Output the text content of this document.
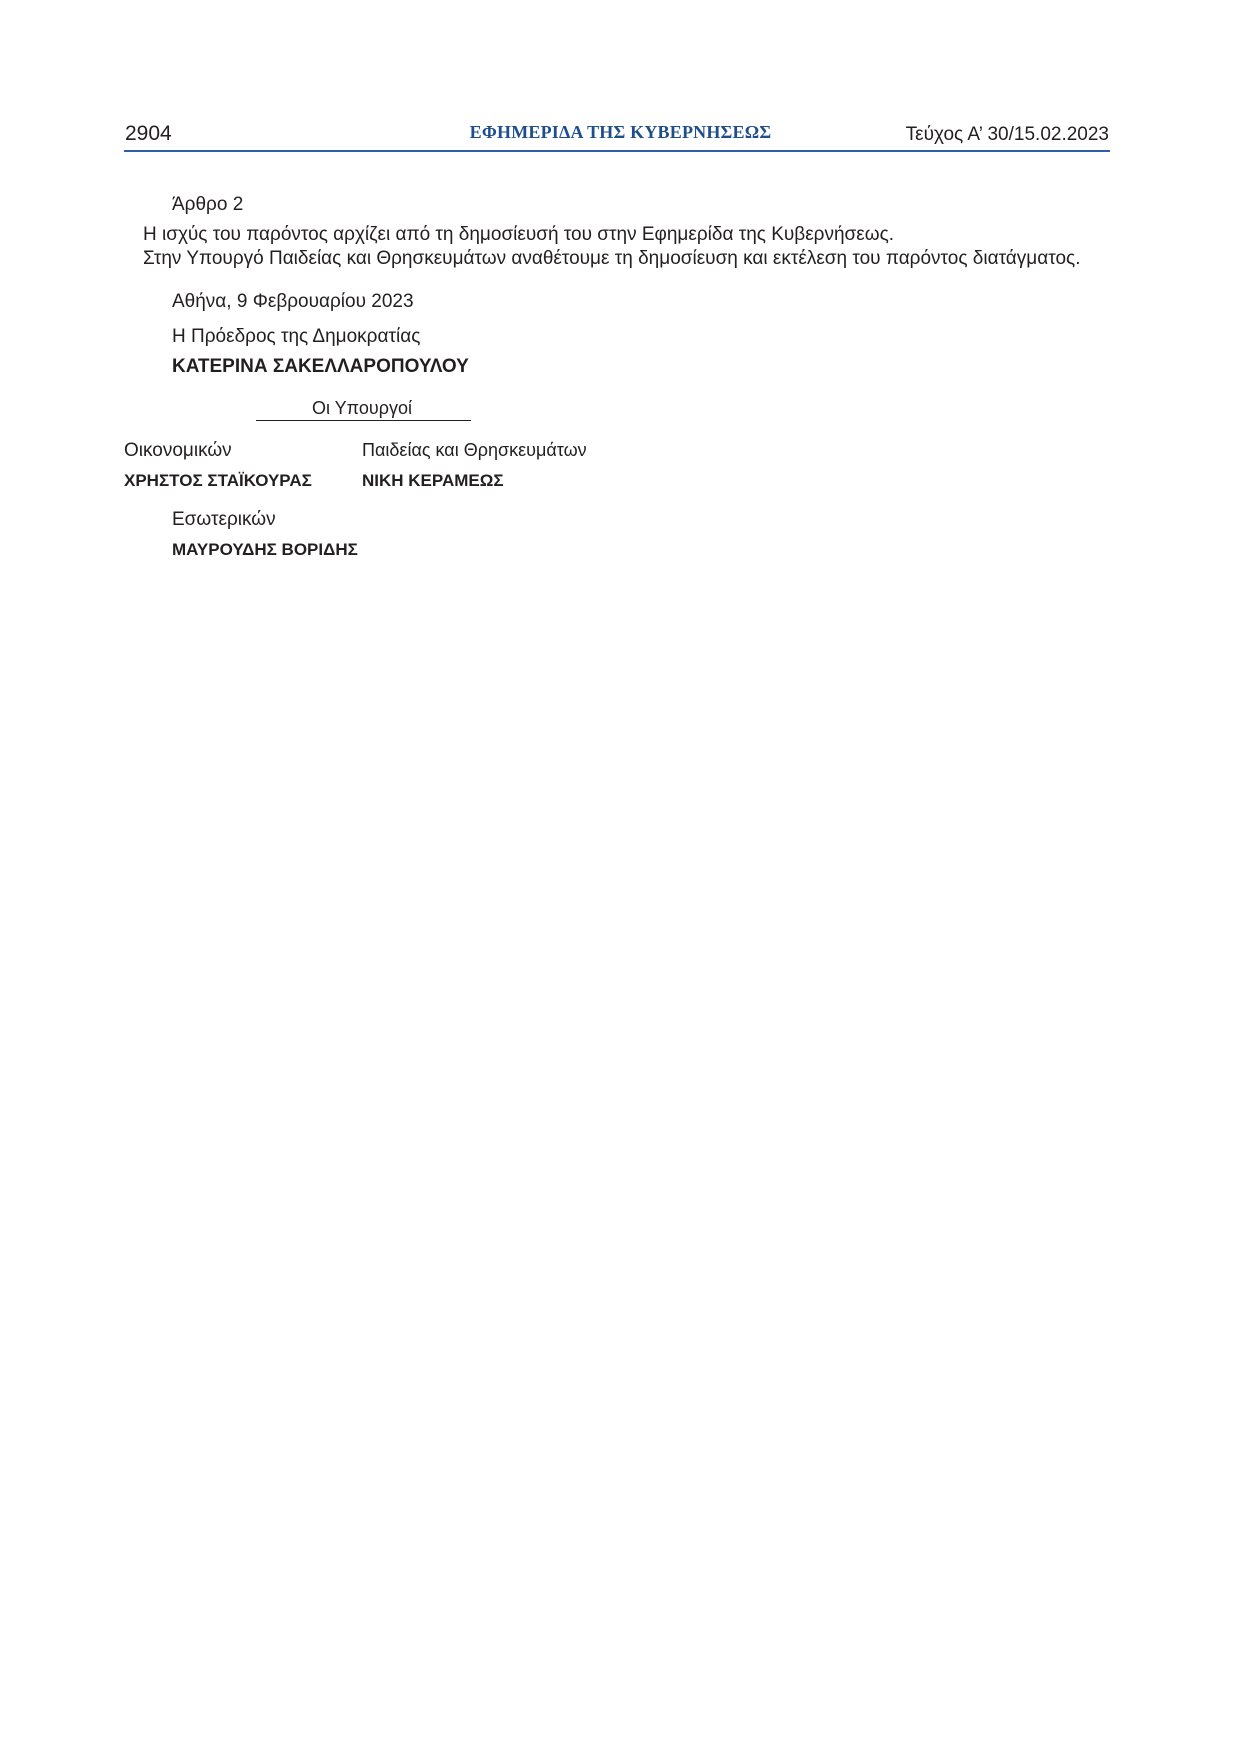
2904	ΕΦΗΜΕΡΙΔΑ ΤΗΣ ΚΥΒΕΡΝΗΣΕΩΣ	Τεύχος Α’ 30/15.02.2023
Άρθρο 2
Η ισχύς του παρόντος αρχίζει από τη δημοσίευσή του στην Εφημερίδα της Κυβερνήσεως.
Στην Υπουργό Παιδείας και Θρησκευμάτων αναθέτουμε τη δημοσίευση και εκτέλεση του παρόντος διατάγματος.
Αθήνα, 9 Φεβρουαρίου 2023
Η Πρόεδρος της Δημοκρατίας
ΚΑΤΕΡΙΝΑ ΣΑΚΕΛΛΑΡΟΠΟΥΛΟΥ
Οι Υπουργοί
Οικονομικών
ΧΡΗΣΤΟΣ ΣΤΑΪΚΟΥΡΑΣ
Παιδείας και Θρησκευμάτων
ΝΙΚΗ ΚΕΡΑΜΕΩΣ
Εσωτερικών
ΜΑΥΡΟΥΔΗΣ ΒΟΡΙΔΗΣ
